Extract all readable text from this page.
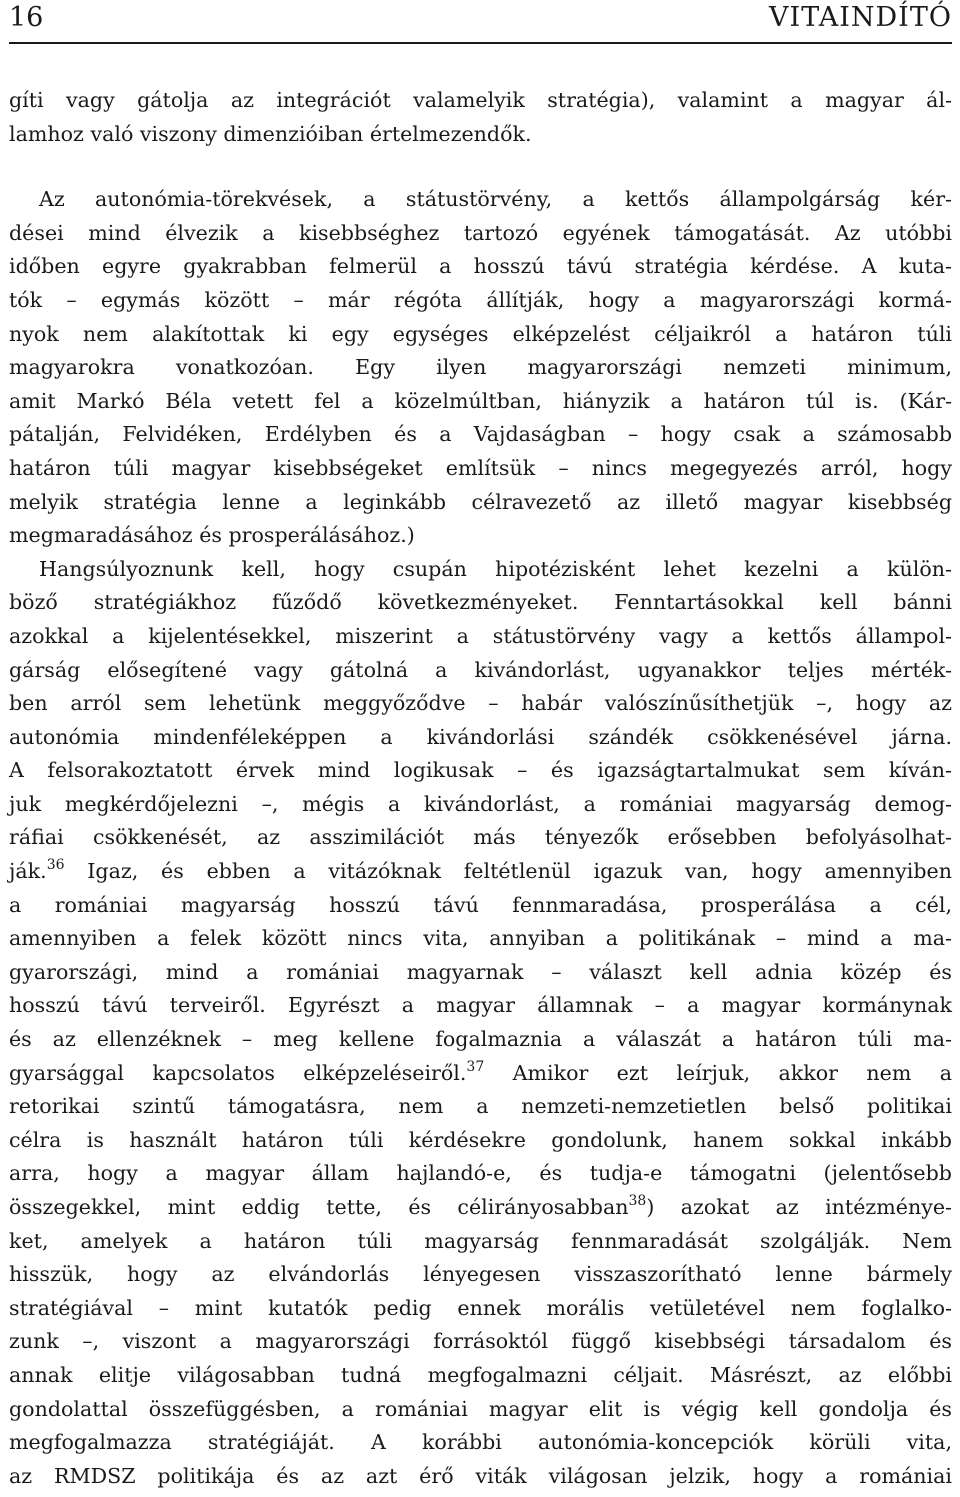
16	VITAINDÍTÓ
gíti vagy gátolja az integrációt valamelyik stratégia), valamint a magyar ál-
lamhoz való viszony dimenzióiban értelmezendők.
Az autonómia-törekvések, a státustörvény, a kettős állampolgárság kér-
dései mind élvezik a kisebbséghez tartozó egyének támogatását. Az utóbbi
időben egyre gyakrabban felmerül a hosszú távú stratégia kérdése. A kuta-
tók – egymás között – már régóta állítják, hogy a magyarországi kormá-
nyok nem alakítottak ki egy egységes elképzelést céljaikról a határon túli
magyarokra vonatkozóan. Egy ilyen magyarországi nemzeti minimum,
amit Markó Béla vetett fel a közelmúltban, hiányzik a határon túl is. (Kár-
pátalján, Felvidéken, Erdélyben és a Vajdaságban – hogy csak a számosabb
határon túli magyar kisebbségeket említsük – nincs megegyezés arról, hogy
melyik stratégia lenne a leginkább célravezető az illető magyar kisebbség
megmaradásához és prosperálásához.)
Hangsúlyoznunk kell, hogy csupán hipotézisként lehet kezelni a külön-
böző stratégiákhoz fűződő következményeket. Fenntartásokkal kell bánni
azokkal a kijelentésekkel, miszerint a státustörvény vagy a kettős állampol-
gárság elősegítené vagy gátolná a kivándorlást, ugyanakkor teljes mérték-
ben arról sem lehetünk meggyőződve – habár valószínűsíthetjük –, hogy az
autonómia mindenféleképpen a kivándorlási szándék csökkenésével járna.
A felsorakoztatott érvek mind logikusak – és igazságtartalmukat sem kíván-
juk megkérdőjelezni –, mégis a kivándorlást, a romániai magyarság demog-
ráfiai csökkenését, az asszimilációt más tényezők erősebben befolyásolhat-
ják.$^{36}$ Igaz, és ebben a vitázóknak feltétlenül igazuk van, hogy amennyiben
a romániai magyarság hosszú távú fennmaradása, prosperálása a cél,
amennyiben a felek között nincs vita, annyiban a politikának – mind a ma-
gyarországi, mind a romániai magyarnak – választ kell adnia közép és
hosszú távú terveiről. Egyrészt a magyar államnak – a magyar kormánynak
és az ellenzéknek – meg kellene fogalmaznia a válaszát a határon túli ma-
gyarsággal kapcsolatos elképzeléseiről.$^{37}$ Amikor ezt leírjuk, akkor nem a
retorikai szintű támogatásra, nem a nemzeti-nemzetietlen belső politikai
célra is használt határon túli kérdésekre gondolunk, hanem sokkal inkább
arra, hogy a magyar állam hajlandó-e, és tudja-e támogatni (jelentősebb
összegekkel, mint eddig tette, és célirányosabban$^{38}$) azokat az intézménye-
ket, amelyek a határon túli magyarság fennmaradását szolgálják. Nem
hisszük, hogy az elvándorlás lényegesen visszaszorítható lenne bármely
stratégiával – mint kutatók pedig ennek morális vetületével nem foglalko-
zunk –, viszont a magyarországi forrásoktól függő kisebbségi társadalom és
annak elitje világosabban tudná megfogalmazni céljait. Másrészt, az előbbi
gondolattal összefüggésben, a romániai magyar elit is végig kell gondolja és
megfogalmazza stratégiáját. A korábbi autonómia-koncepciók körüli vita,
az RMDSZ politikája és az azt érő viták világosan jelzik, hogy a romániai
